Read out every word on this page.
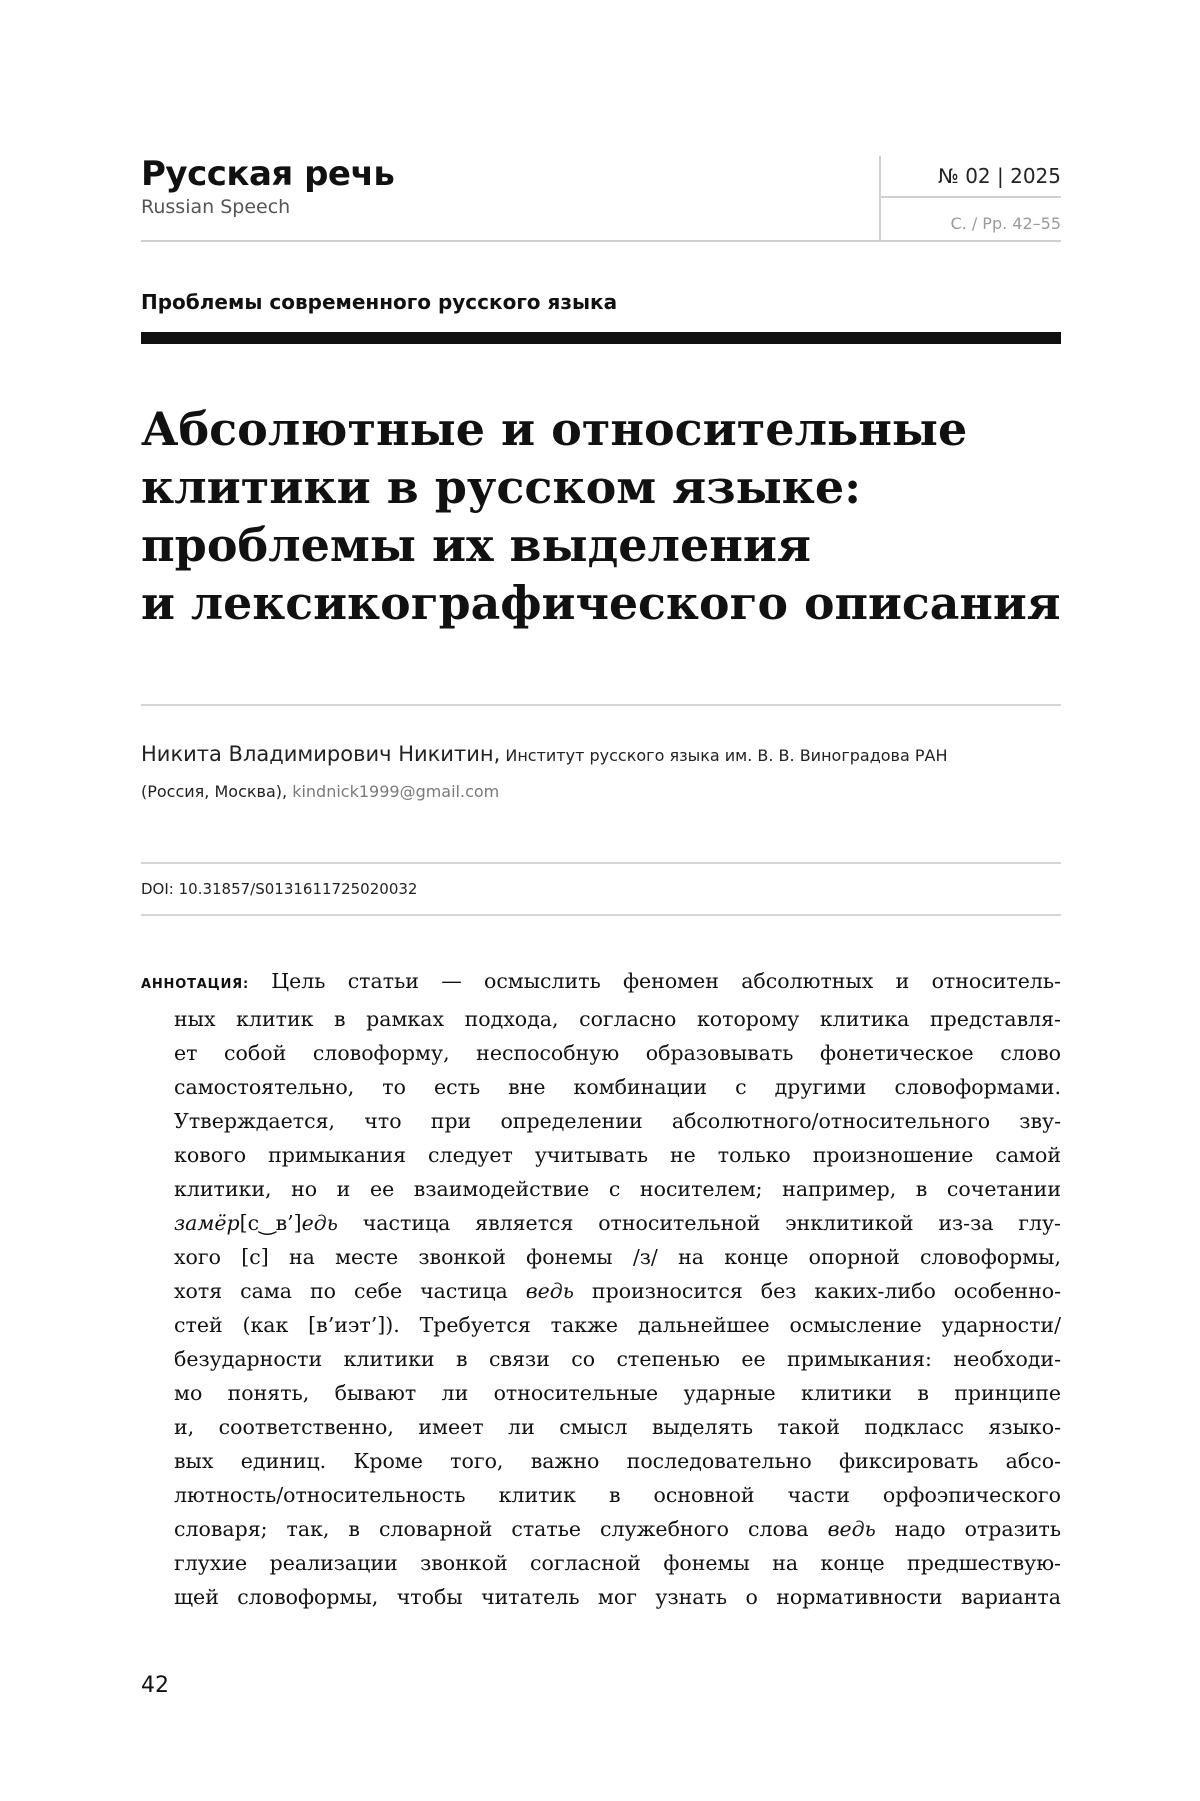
Русская речь
Russian Speech
№ 02 | 2025
С. / Pp. 42–55
Проблемы современного русского языка
Абсолютные и относительные
клитики в русском языке:
проблемы их выделения
и лексикографического описания
Никита Владимирович Никитин, Институт русского языка им. В. В. Виноградова РАН
(Россия, Москва), kindnick1999@gmail.com
DOI: 10.31857/S0131611725020032
АННОТАЦИЯ: Цель статьи — осмыслить феномен абсолютных и относитель-
ных клитик в рамках подхода, согласно которому клитика представля-
ет собой словоформу, неспособную образовывать фонетическое слово
самостоятельно, то есть вне комбинации с другими словоформами.
Утверждается, что при определении абсолютного/относительного зву-
кового примыкания следует учитывать не только произношение самой
клитики, но и ее взаимодействие с носителем; например, в сочетании
замёр[с‿в’]едь частица является относительной энклитикой из-за глу-
хого [с] на месте звонкой фонемы /з/ на конце опорной словоформы,
хотя сама по себе частица ведь произносится без каких-либо особенно-
стей (как [в’иэт’]). Требуется также дальнейшее осмысление ударности/
безударности клитики в связи со степенью ее примыкания: необходи-
мо понять, бывают ли относительные ударные клитики в принципе
и, соответственно, имеет ли смысл выделять такой подкласс языко-
вых единиц. Кроме того, важно последовательно фиксировать абсо-
лютность/относительность клитик в основной части орфоэпического
словаря; так, в словарной статье служебного слова ведь надо отразить
глухие реализации звонкой согласной фонемы на конце предшествую-
щей словоформы, чтобы читатель мог узнать о нормативности варианта
42
